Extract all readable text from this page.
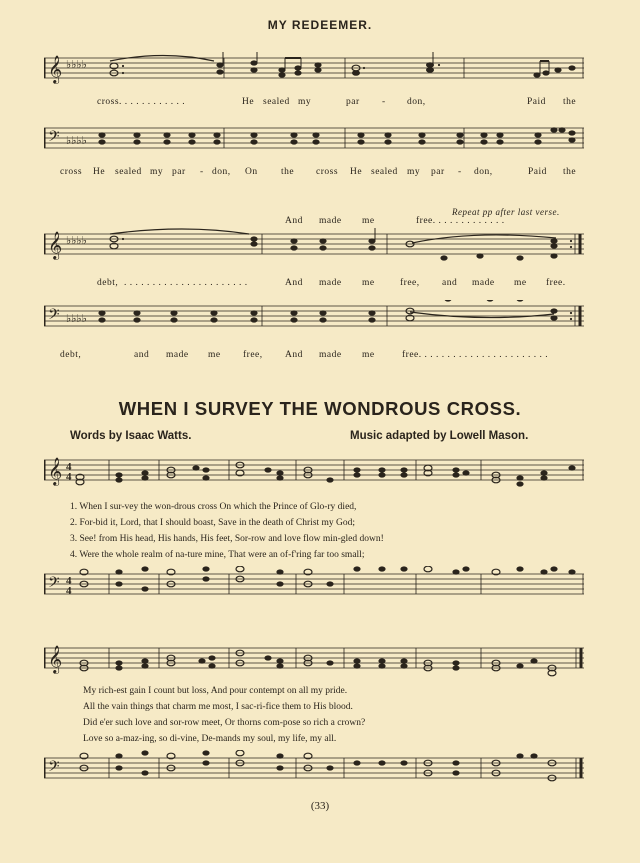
MY REDEEMER.
𝄞 ♭♭♭♭
cross. . . . . . . . . . . .	He sealed my	par - don,	Paid the
𝄢 ♭♭♭♭
cross He sealed my par - don, On the cross He sealed my par - don,	Paid the
Repeat pp after last verse.
And made me	free. . . . . . . . . . . . .
𝄞 ♭♭♭♭
debt, . . . . . . . . . . . . . . . . . . . . . .	And made me	free, and made me free.
𝄢 ♭♭♭♭
debt,	and made me free, And made me	free. . . . . . . . . . . . . . . . . . . . . . .
WHEN I SURVEY THE WONDROUS CROSS.
Words by Isaac Watts.	Music adapted by Lowell Mason.
𝄞 4
4
1. When I sur-vey the won-drous cross On which the Prince of Glo-ry died,
2. For-bid it, Lord, that I should boast, Save in the death of Christ my God;
3. See! from His head, His hands, His feet, Sor-row and love flow min-gled down!
4. Were the whole realm of na-ture mine, That were an of-f'ring far too small;
𝄢 4
4
𝄞
My rich-est gain I count but loss, And pour contempt on all my pride.
All the vain things that charm me most, I sac-ri-fice them to His blood.
Did e'er such love and sor-row meet, Or thorns com-pose so rich a crown?
Love so a-maz-ing, so di-vine, De-mands my soul, my life, my all.
𝄢
(33)
